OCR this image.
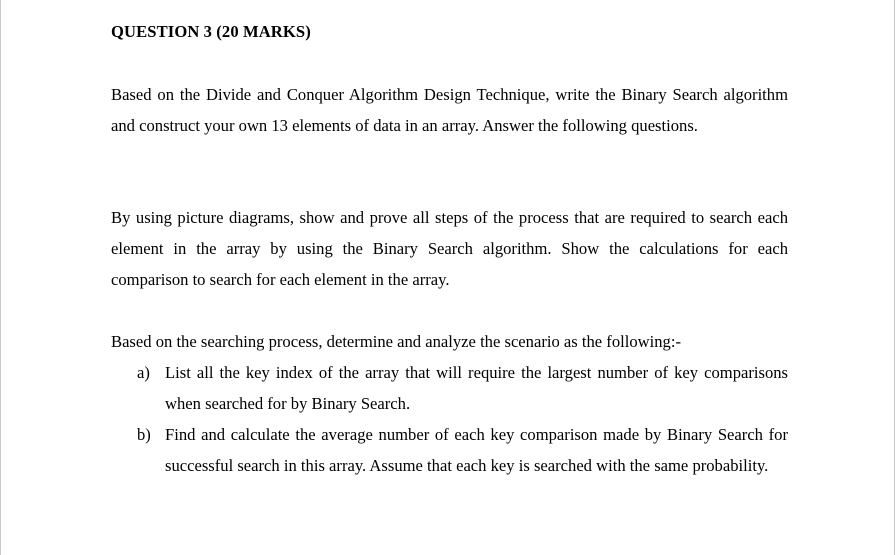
QUESTION 3 (20 MARKS)
Based on the Divide and Conquer Algorithm Design Technique, write the Binary Search algorithm and construct your own 13 elements of data in an array. Answer the following questions.
By using picture diagrams, show and prove all steps of the process that are required to search each element in the array by using the Binary Search algorithm. Show the calculations for each comparison to search for each element in the array.
Based on the searching process, determine and analyze the scenario as the following:-
a) List all the key index of the array that will require the largest number of key comparisons when searched for by Binary Search.
b) Find and calculate the average number of each key comparison made by Binary Search for successful search in this array. Assume that each key is searched with the same probability.
